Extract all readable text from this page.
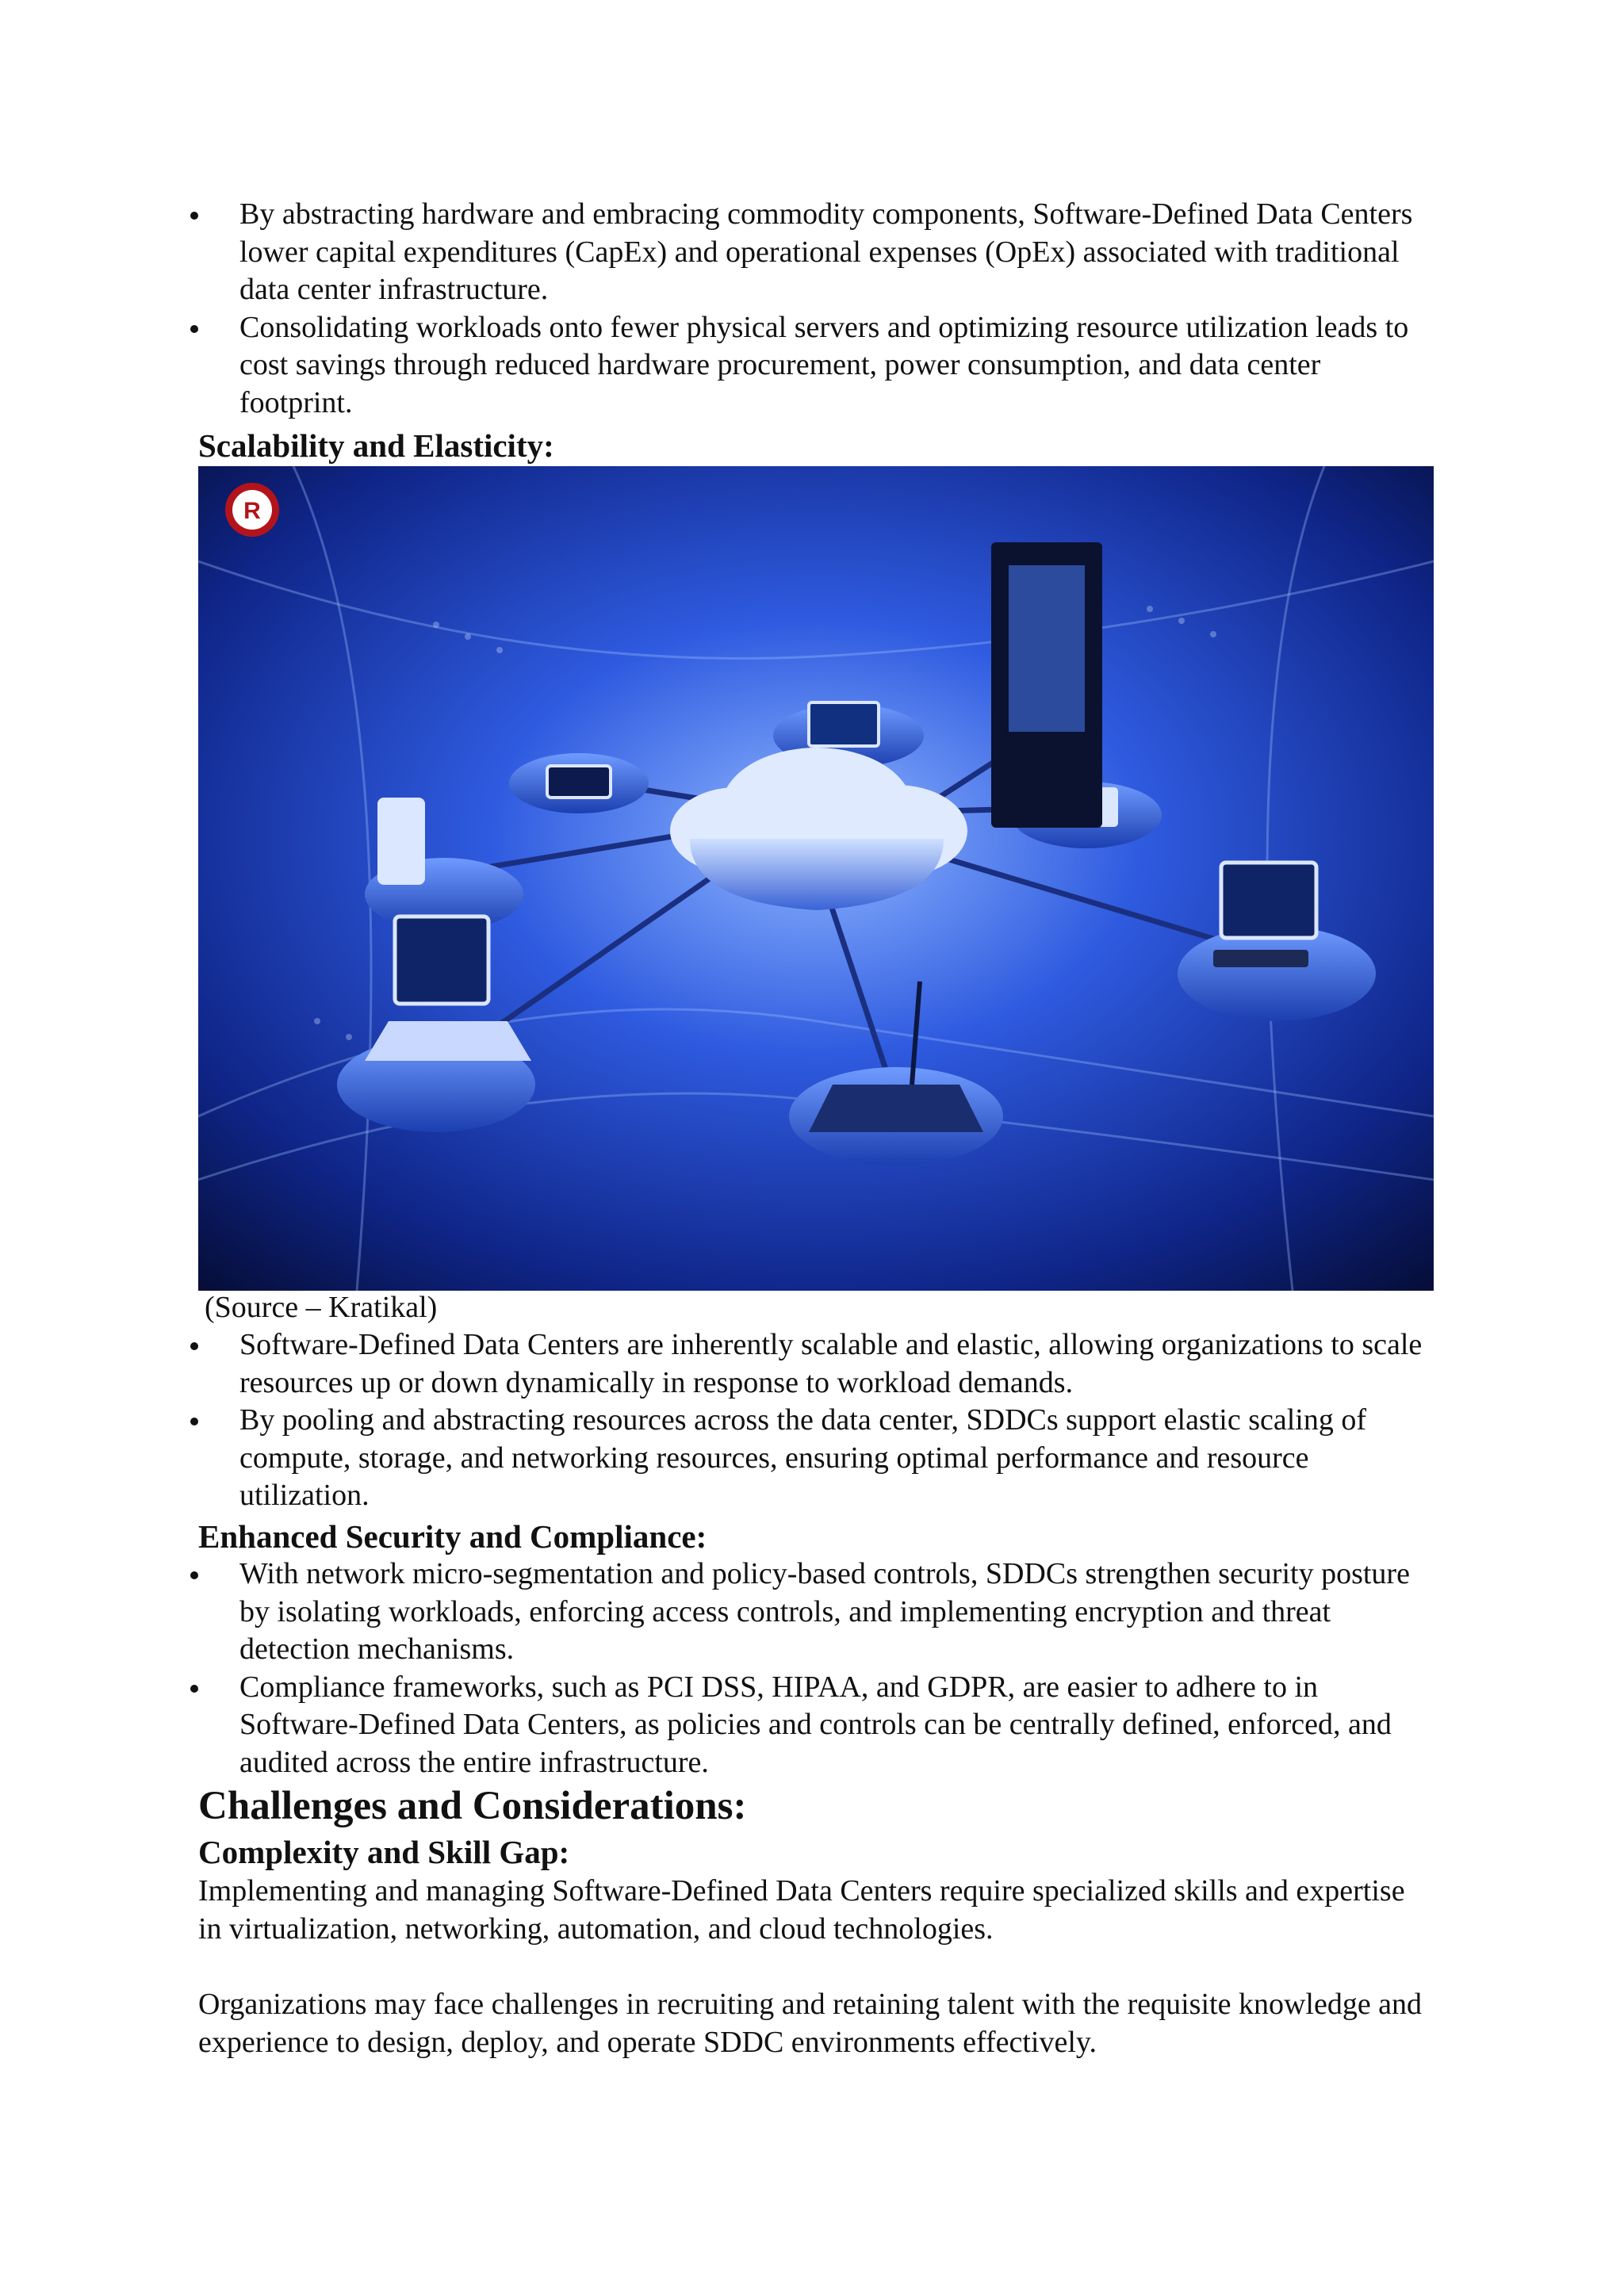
By abstracting hardware and embracing commodity components, Software-Defined Data Centers lower capital expenditures (CapEx) and operational expenses (OpEx) associated with traditional data center infrastructure.
Consolidating workloads onto fewer physical servers and optimizing resource utilization leads to cost savings through reduced hardware procurement, power consumption, and data center footprint.
Scalability and Elasticity:
R
(Source – Kratikal)
Software-Defined Data Centers are inherently scalable and elastic, allowing organizations to scale resources up or down dynamically in response to workload demands.
By pooling and abstracting resources across the data center, SDDCs support elastic scaling of compute, storage, and networking resources, ensuring optimal performance and resource utilization.
Enhanced Security and Compliance:
With network micro-segmentation and policy-based controls, SDDCs strengthen security posture by isolating workloads, enforcing access controls, and implementing encryption and threat detection mechanisms.
Compliance frameworks, such as PCI DSS, HIPAA, and GDPR, are easier to adhere to in Software-Defined Data Centers, as policies and controls can be centrally defined, enforced, and audited across the entire infrastructure.
Challenges and Considerations:
Complexity and Skill Gap:

Implementing and managing Software-Defined Data Centers require specialized skills and expertise in virtualization, networking, automation, and cloud technologies.

Organizations may face challenges in recruiting and retaining talent with the requisite knowledge and experience to design, deploy, and operate SDDC environments effectively.
